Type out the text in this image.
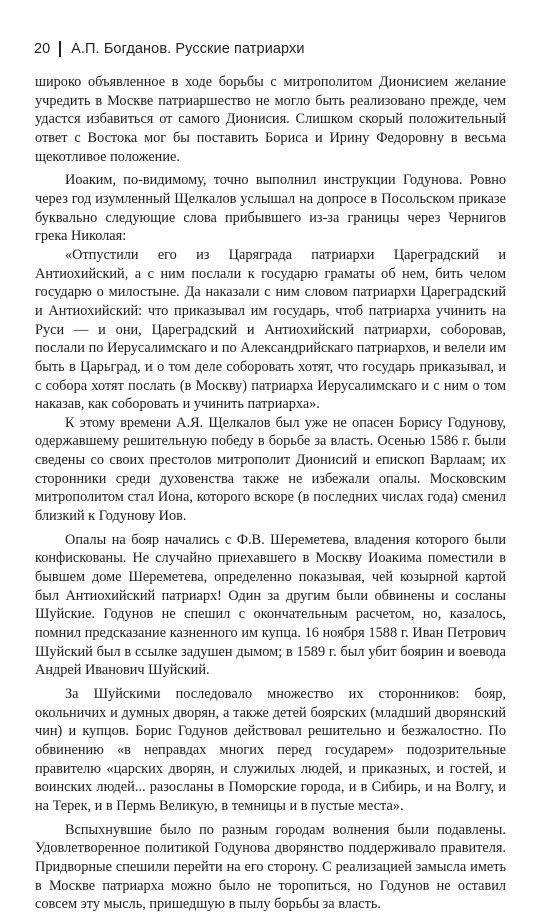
20 А.П. Богданов. Русские патриархи

широко объявленное в ходе борьбы с митрополитом Дионисием желание учредить в Москве патриаршество не могло быть реализовано прежде, чем удастся избавиться от самого Дионисия. Слишком скорый положительный ответ с Востока мог бы поставить Бориса и Ирину Федоровну в весьма щекотливое положение.

Иоаким, по-видимому, точно выполнил инструкции Годунова. Ровно через год изумленный Щелкалов услышал на допросе в Посольском приказе буквально следующие слова прибывшего из-за границы через Чернигов грека Николая:

«Отпустили его из Царяграда патриархи Цареградский и Антиохийский, а с ним послали к государю граматы об нем, бить челом государю о милостыне. Да наказали с ним словом патриархи Цареградский и Антиохийский: что приказывал им государь, чтоб патриарха учинить на Руси — и они, Цареградский и Антиохийский патриархи, соборовав, послали по Иерусалимскаго и по Александрийскаго патриархов, и велели им быть в Царьград, и о том деле соборовать хотят, что государь приказывал, и с собора хотят послать (в Москву) патриарха Иерусалимскаго и с ним о том наказав, как соборовать и учинить патриарха».

К этому времени А.Я. Щелкалов был уже не опасен Борису Годунову, одержавшему решительную победу в борьбе за власть. Осенью 1586 г. были сведены со своих престолов митрополит Дионисий и епископ Варлаам; их сторонники среди духовенства также не избежали опалы. Московским митрополитом стал Иона, которого вскоре (в последних числах года) сменил близкий к Годунову Иов.

Опалы на бояр начались с Ф.В. Шереметева, владения которого были конфискованы. Не случайно приехавшего в Москву Иоакима поместили в бывшем доме Шереметева, определенно показывая, чей козырной картой был Антиохийский патриарх! Один за другим были обвинены и сосланы Шуйские. Годунов не спешил с окончательным расчетом, но, казалось, помнил предсказание казненного им купца. 16 ноября 1588 г. Иван Петрович Шуйский был в ссылке задушен дымом; в 1589 г. был убит боярин и воевода Андрей Иванович Шуйский.

За Шуйскими последовало множество их сторонников: бояр, окольничих и думных дворян, а также детей боярских (младший дворянский чин) и купцов. Борис Годунов действовал решительно и безжалостно. По обвинению «в неправдах многих перед государем» подозрительные правителю «царских дворян, и служилых людей, и приказных, и гостей, и воинских людей... разосланы в Поморские города, и в Сибирь, и на Волгу, и на Терек, и в Пермь Великую, в темницы и в пустые места».

Вспыхнувшие было по разным городам волнения были подавлены. Удовлетворенное политикой Годунова дворянство поддерживало правителя. Придворные спешили перейти на его сторону. С реализацией замысла иметь в Москве патриарха можно было не торопиться, но Годунов не оставил совсем эту мысль, пришедшую в пылу борьбы за власть.
